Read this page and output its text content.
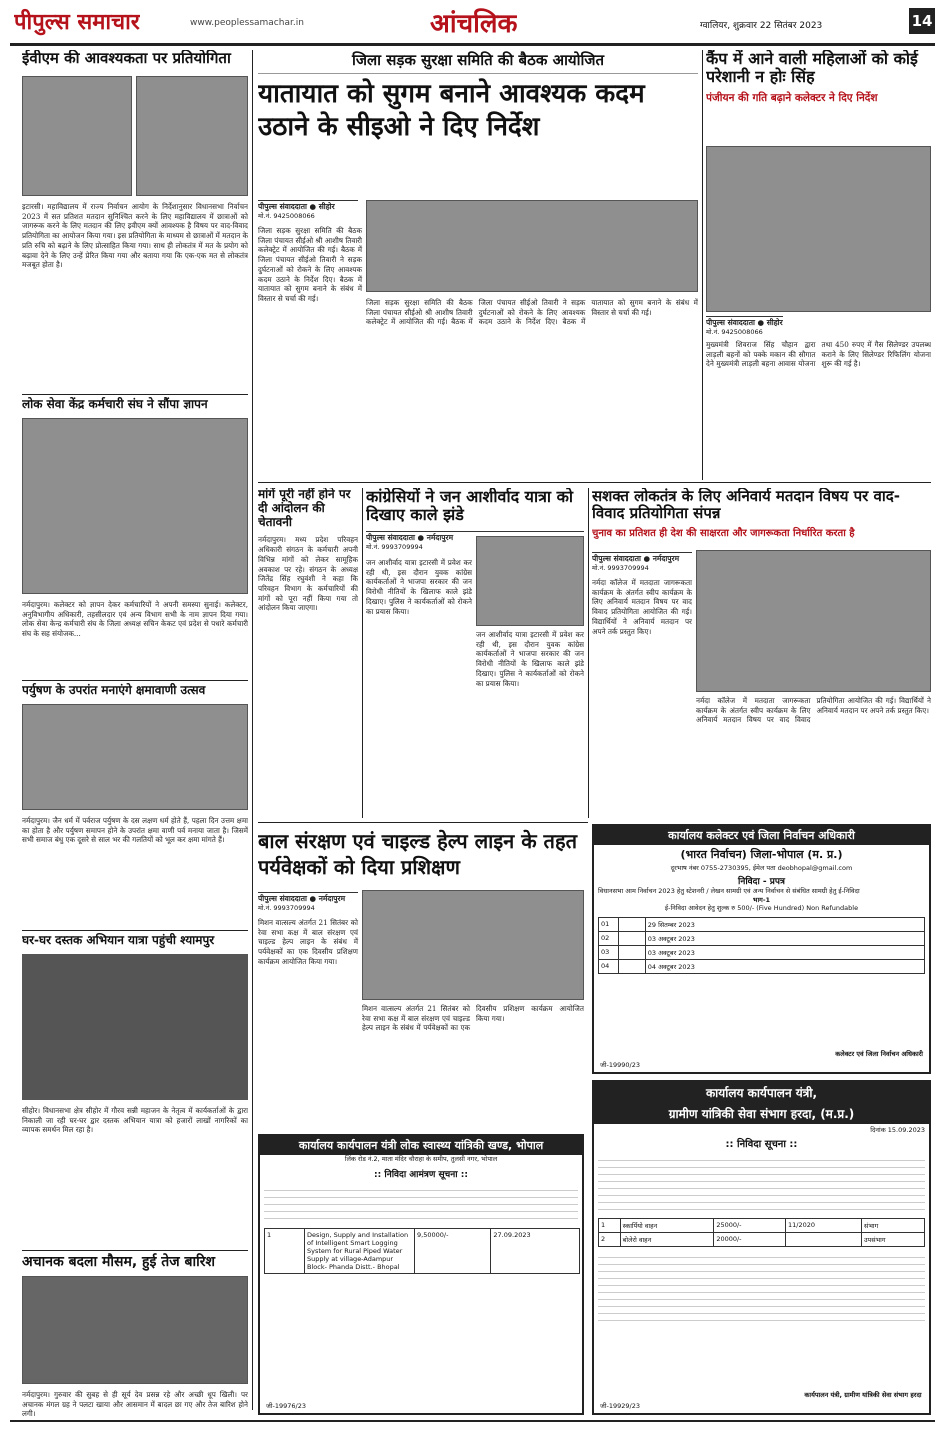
पीपुल्स समाचार	www.peoplessamachar.in	आंचलिक	ग्वालियर, शुक्रवार 22 सितंबर 2023	14
ईवीएम की आवश्यकता पर प्रतियोगिता
इटारसी। महाविद्यालय में राज्य निर्वाचन आयोग के निर्देशानुसार विधानसभा निर्वाचन 2023 में सत प्रतिशत मतदान सुनिश्चित करने के लिए महाविद्यालय में छात्राओं को जागरूक करने के लिए मतदान की लिए इवीएम क्यों आवश्यक है विषय पर वाद-विवाद प्रतियोगिता का आयोजन किया गया। इस प्रतियोगिता के माध्यम से छात्राओं में मतदान के प्रति रुचि को बढ़ाने के लिए प्रोत्साहित किया गया। साथ ही लोकतंत्र में मत के प्रयोग को बढ़ावा देने के लिए उन्हें प्रेरित किया गया और बताया गया कि एक-एक मत से लोकतंत्र मजबूत होता है।
लोक सेवा केंद्र कर्मचारी संघ ने सौंपा ज्ञापन
नर्मदापुरम। कलेक्टर को ज्ञापन देकर कर्मचारियों ने अपनी समस्या सुनाई। कलेक्टर, अनुविभागीय अधिकारी, तहसीलदार एवं अन्य विभाग सभी के नाम ज्ञापन दिया गया। लोक सेवा केन्द्र कर्मचारी संघ के जिला अध्यक्ष सचिन केकट एवं प्रदेश से पधारे कर्मचारी संघ के सह संयोजक...
पर्युषण के उपरांत मनाएंगे क्षमावाणी उत्सव
नर्मदापुरम। जैन धर्म में पर्वराज पर्युषण के दस लक्षण धर्म होते हैं, पहला दिन उत्तम क्षमा का होता है और पर्युषण समापन होने के उपरांत क्षमा वाणी पर्व मनाया जाता है। जिसमें सभी समाज बंधु एक दूसरे से साल भर की गलतियों को भूल कर क्षमा मांगते हैं।
घर-घर दस्तक अभियान यात्रा पहुंची श्यामपुर
सीहोर। विधानसभा क्षेत्र सीहोर में गौरव सन्नी महाजन के नेतृत्व में कार्यकर्ताओं के द्वारा निकाली जा रही घर-घर द्वार दस्तक अभियान यात्रा को हजारों लाखों नागरिकों का व्यापक समर्थन मिल रहा है।
अचानक बदला मौसम, हुई तेज बारिश
नर्मदापुरम। गुरुवार की सुबह से ही सूर्य देव प्रसन्न रहे और अच्छी धूप खिली। पर अचानक मंगल ग्रह ने पलटा खाया और आसमान में बादल छा गए और तेज बारिश होने लगी।
जिला सड़क सुरक्षा समिति की बैठक आयोजित
यातायात को सुगम बनाने आवश्यक कदम उठाने के सीइओ ने दिए निर्देश
पीपुल्स संवाददाता ● सीहोर
मो.नं. 9425008066
जिला सड़क सुरक्षा समिति की बैठक जिला पंचायत सीईओ श्री आशीष तिवारी कलेक्ट्रेट में आयोजित की गई। बैठक में जिला पंचायत सीईओ तिवारी ने सड़क दुर्घटनाओं को रोकने के लिए आवश्यक कदम उठाने के निर्देश दिए। बैठक में यातायात को सुगम बनाने के संबंध में विस्तार से चर्चा की गई।	जिला सड़क सुरक्षा समिति की बैठक जिला पंचायत सीईओ श्री आशीष तिवारी कलेक्ट्रेट में आयोजित की गई। बैठक में जिला पंचायत सीईओ तिवारी ने सड़क दुर्घटनाओं को रोकने के लिए आवश्यक कदम उठाने के निर्देश दिए। बैठक में यातायात को सुगम बनाने के संबंध में विस्तार से चर्चा की गई।
कैंप में आने वाली महिलाओं को कोई परेशानी न होः सिंह
पंजीयन की गति बढ़ाने कलेक्टर ने दिए निर्देश
पीपुल्स संवाददाता ● सीहोर
मो.नं. 9425008066
मुख्यमंत्री शिवराज सिंह चौहान द्वारा लाड़ली बहनों को पक्के मकान की सौगात देने मुख्यमंत्री लाड़ली बहना आवास योजना तथा 450 रुपए में गैस सिलेण्डर उपलब्ध कराने के लिए सिलेण्डर रिफिलिंग योजना शुरू की गई है।
मांगें पूरी नहीं होने पर दी आंदोलन की चेतावनी
नर्मदापुरम। मध्य प्रदेश परिवहन अधिकारी संगठन के कर्मचारी अपनी विभिन्न मांगों को लेकर सामूहिक अवकाश पर रहे। संगठन के अध्यक्ष जितेंद्र सिंह रघुवंशी ने कहा कि परिवहन विभाग के कर्मचारियों की मांगों को पूरा नहीं किया गया तो आंदोलन किया जाएगा।
कांग्रेसियों ने जन आशीर्वाद यात्रा को दिखाए काले झंडे
पीपुल्स संवाददाता ● नर्मदापुरम
मो.नं. 9993709994
जन आशीर्वाद यात्रा इटारसी में प्रवेश कर रही थी, इस दौरान युवक कांग्रेस कार्यकर्ताओं ने भाजपा सरकार की जन विरोधी नीतियों के खिलाफ काले झंडे दिखाए। पुलिस ने कार्यकर्ताओं को रोकने का प्रयास किया।
जन आशीर्वाद यात्रा इटारसी में प्रवेश कर रही थी, इस दौरान युवक कांग्रेस कार्यकर्ताओं ने भाजपा सरकार की जन विरोधी नीतियों के खिलाफ काले झंडे दिखाए। पुलिस ने कार्यकर्ताओं को रोकने का प्रयास किया।
सशक्त लोकतंत्र के लिए अनिवार्य मतदान विषय पर वाद-विवाद प्रतियोगिता संपन्न
चुनाव का प्रतिशत ही देश की साक्षरता और जागरूकता निर्धारित करता है
पीपुल्स संवाददाता ● नर्मदापुरम
मो.नं. 9993709994
नर्मदा कॉलेज में मतदाता जागरूकता कार्यक्रम के अंतर्गत स्वीप कार्यक्रम के लिए अनिवार्य मतदान विषय पर वाद विवाद प्रतियोगिता आयोजित की गई। विद्यार्थियों ने अनिवार्य मतदान पर अपने तर्क प्रस्तुत किए।
नर्मदा कॉलेज में मतदाता जागरूकता कार्यक्रम के अंतर्गत स्वीप कार्यक्रम के लिए अनिवार्य मतदान विषय पर वाद विवाद प्रतियोगिता आयोजित की गई। विद्यार्थियों ने अनिवार्य मतदान पर अपने तर्क प्रस्तुत किए।
बाल संरक्षण एवं चाइल्ड हेल्प लाइन के तहत पर्यवेक्षकों को दिया प्रशिक्षण
पीपुल्स संवाददाता ● नर्मदापुरम
मो.नं. 9993709994
मिशन वात्सल्य अंतर्गत 21 सितंबर को रेवा सभा कक्ष में बाल संरक्षण एवं चाइल्ड हेल्प लाइन के संबंध में पर्यवेक्षकों का एक दिवसीय प्रशिक्षण कार्यक्रम आयोजित किया गया।
मिशन वात्सल्य अंतर्गत 21 सितंबर को रेवा सभा कक्ष में बाल संरक्षण एवं चाइल्ड हेल्प लाइन के संबंध में पर्यवेक्षकों का एक दिवसीय प्रशिक्षण कार्यक्रम आयोजित किया गया।
कार्यालय कलेक्टर एवं जिला निर्वाचन अधिकारी
(भारत निर्वाचन) जिला-भोपाल (म. प्र.)
दूरभाष नंबर 0755-2730395, ईमेल पता deobhopal@gmail.com
निविदा - प्रपत्र
विधानसभा आम निर्वाचन 2023 हेतु स्टेशनरी / लेखन सामग्री एवं अन्य निर्वाचन से संबंधित सामग्री हेतु ई-निविदा
भाग-1
ई-निविदा आवेदन हेतु शुल्क रु 500/- (Five Hundred) Non Refundable
01		29 सितम्बर 2023
02		03 अक्टूबर 2023
03		03 अक्टूबर 2023
04		04 अक्टूबर 2023
कलेक्टर एवं जिला निर्वाचन अधिकारी
जी-19990/23
कार्यालय कार्यपालन यंत्री,
ग्रामीण यांत्रिकी सेवा संभाग हरदा, (म.प्र.)
दिनांक 15.09.2023
:: निविदा सूचना ::
1	स्कार्पियो वाहन	25000/-	11/2020	संभाग
2	बोलेरो वाहन	20000/-		उपसंभाग
कार्यपालन यंत्री, ग्रामीण यांत्रिकी सेवा संभाग हरदा
जी-19929/23
कार्यालय कार्यपालन यंत्री लोक स्वास्थ्य यांत्रिकी खण्ड, भोपाल
लिंक रोड नं.2, माता मंदिर चौराहा के समीप, तुलसी नगर, भोपाल
:: निविदा आमंत्रण सूचना ::
1	Design, Supply and Installation of Intelligent Smart Logging System for Rural Piped Water Supply at village-Adampur Block- Phanda Distt.- Bhopal	9,50000/-	27.09.2023
जी-19976/23
